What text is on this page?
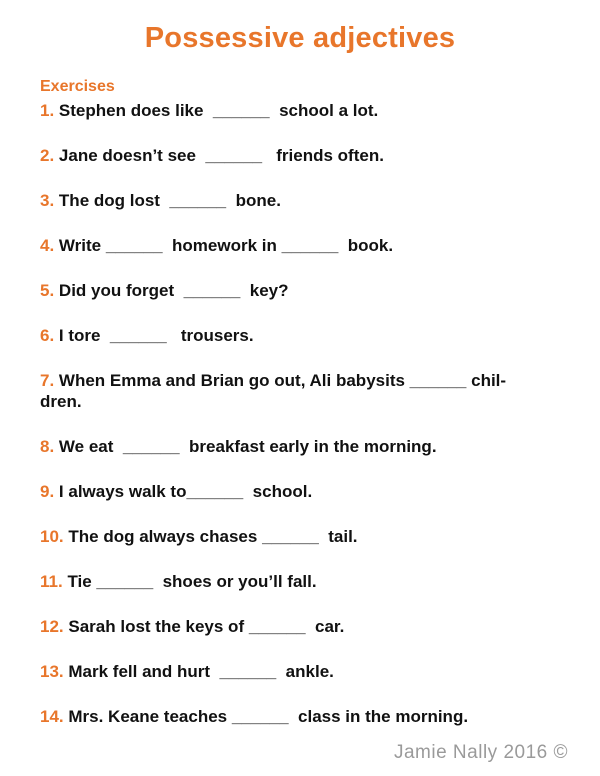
Possessive adjectives
Exercises
1. Stephen does like  ______  school a lot.
2. Jane doesn’t see  ______   friends often.
3. The dog lost  ______  bone.
4. Write ______  homework in ______  book.
5. Did you forget  ______  key?
6. I tore  ______   trousers.
7. When Emma and Brian go out, Ali babysits ______ chil-
dren.
8. We eat  ______  breakfast early in the morning.
9. I always walk to______  school.
10. The dog always chases ______  tail.
11. Tie ______  shoes or you’ll fall.
12. Sarah lost the keys of ______  car.
13. Mark fell and hurt  ______  ankle.
14. Mrs. Keane teaches ______  class in the morning.
Jamie Nally 2016 ©
